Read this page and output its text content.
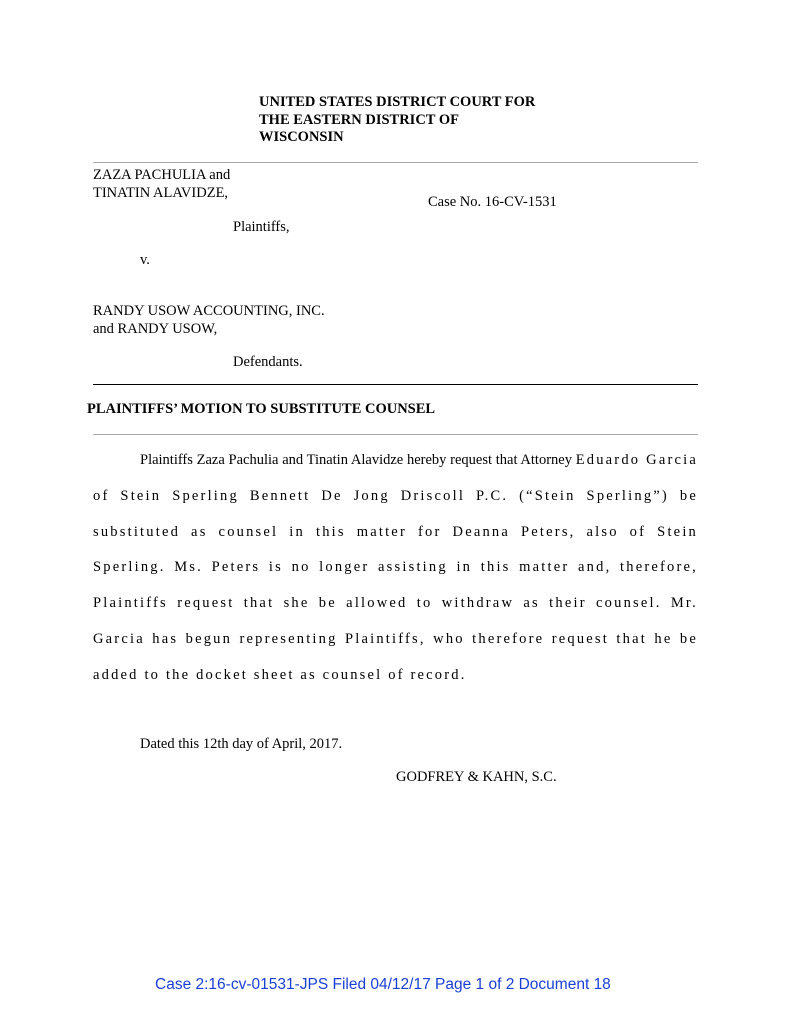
UNITED STATES DISTRICT COURT FOR
THE EASTERN DISTRICT OF
WISCONSIN
ZAZA PACHULIA and
TINATIN ALAVIDZE,
Case No. 16-CV-1531
Plaintiffs,
v.
RANDY USOW ACCOUNTING, INC.
and RANDY USOW,
Defendants.
PLAINTIFFS’ MOTION TO SUBSTITUTE COUNSEL
Plaintiffs Zaza Pachulia and Tinatin Alavidze hereby request that Attorney Eduardo Garcia of Stein Sperling Bennett De Jong Driscoll P.C. (“Stein Sperling”) be substituted as counsel in this matter for Deanna Peters, also of Stein Sperling. Ms. Peters is no longer assisting in this matter and, therefore, Plaintiffs request that she be allowed to withdraw as their counsel. Mr. Garcia has begun representing Plaintiffs, who therefore request that he be added to the docket sheet as counsel of record.
Dated this 12th day of April, 2017.
GODFREY & KAHN, S.C.
Case 2:16-cv-01531-JPS Filed 04/12/17 Page 1 of 2 Document 18
